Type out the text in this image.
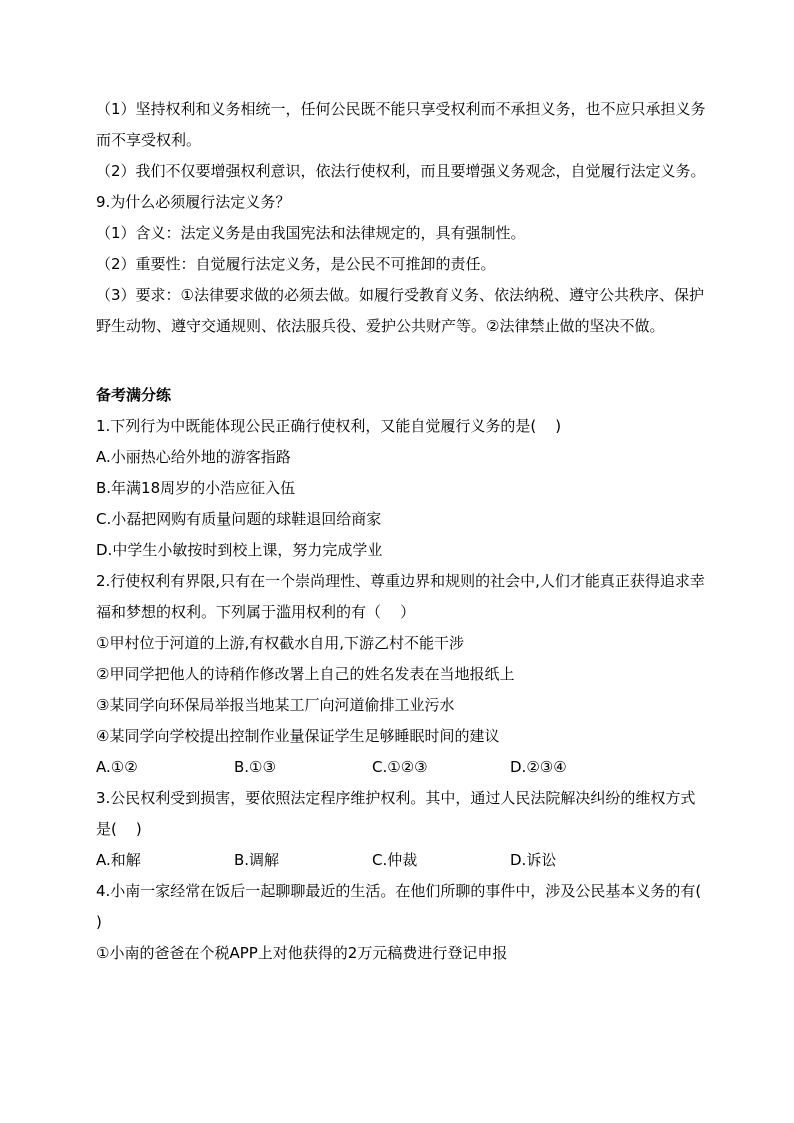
（1）坚持权利和义务相统一，任何公民既不能只享受权利而不承担义务，也不应只承担义务而不享受权利。

（2）我们不仅要增强权利意识，依法行使权利，而且要增强义务观念，自觉履行法定义务。

9.为什么必须履行法定义务？

（1）含义：法定义务是由我国宪法和法律规定的，具有强制性。

（2）重要性：自觉履行法定义务，是公民不可推卸的责任。

（3）要求：①法律要求做的必须去做。如履行受教育义务、依法纳税、遵守公共秩序、保护野生动物、遵守交通规则、依法服兵役、爱护公共财产等。②法律禁止做的坚决不做。

备考满分练

1.下列行为中既能体现公民正确行使权利，又能自觉履行义务的是(    )

A.小丽热心给外地的游客指路

B.年满18周岁的小浩应征入伍

C.小磊把网购有质量问题的球鞋退回给商家

D.中学生小敏按时到校上课，努力完成学业

2.行使权利有界限,只有在一个崇尚理性、尊重边界和规则的社会中,人们才能真正获得追求幸福和梦想的权利。下列属于滥用权利的有（    ）

①甲村位于河道的上游,有权截水自用,下游乙村不能干涉

②甲同学把他人的诗稍作修改署上自己的姓名发表在当地报纸上

③某同学向环保局举报当地某工厂向河道偷排工业污水

④某同学向学校提出控制作业量保证学生足够睡眠时间的建议

A.①②	B.①③	C.①②③	D.②③④

3.公民权利受到损害，要依照法定程序维护权利。其中，通过人民法院解决纠纷的维权方式是(    )

A.和解	B.调解	C.仲裁	D.诉讼

4.小南一家经常在饭后一起聊聊最近的生活。在他们所聊的事件中，涉及公民基本义务的有(    )

①小南的爸爸在个税APP上对他获得的2万元稿费进行登记申报
